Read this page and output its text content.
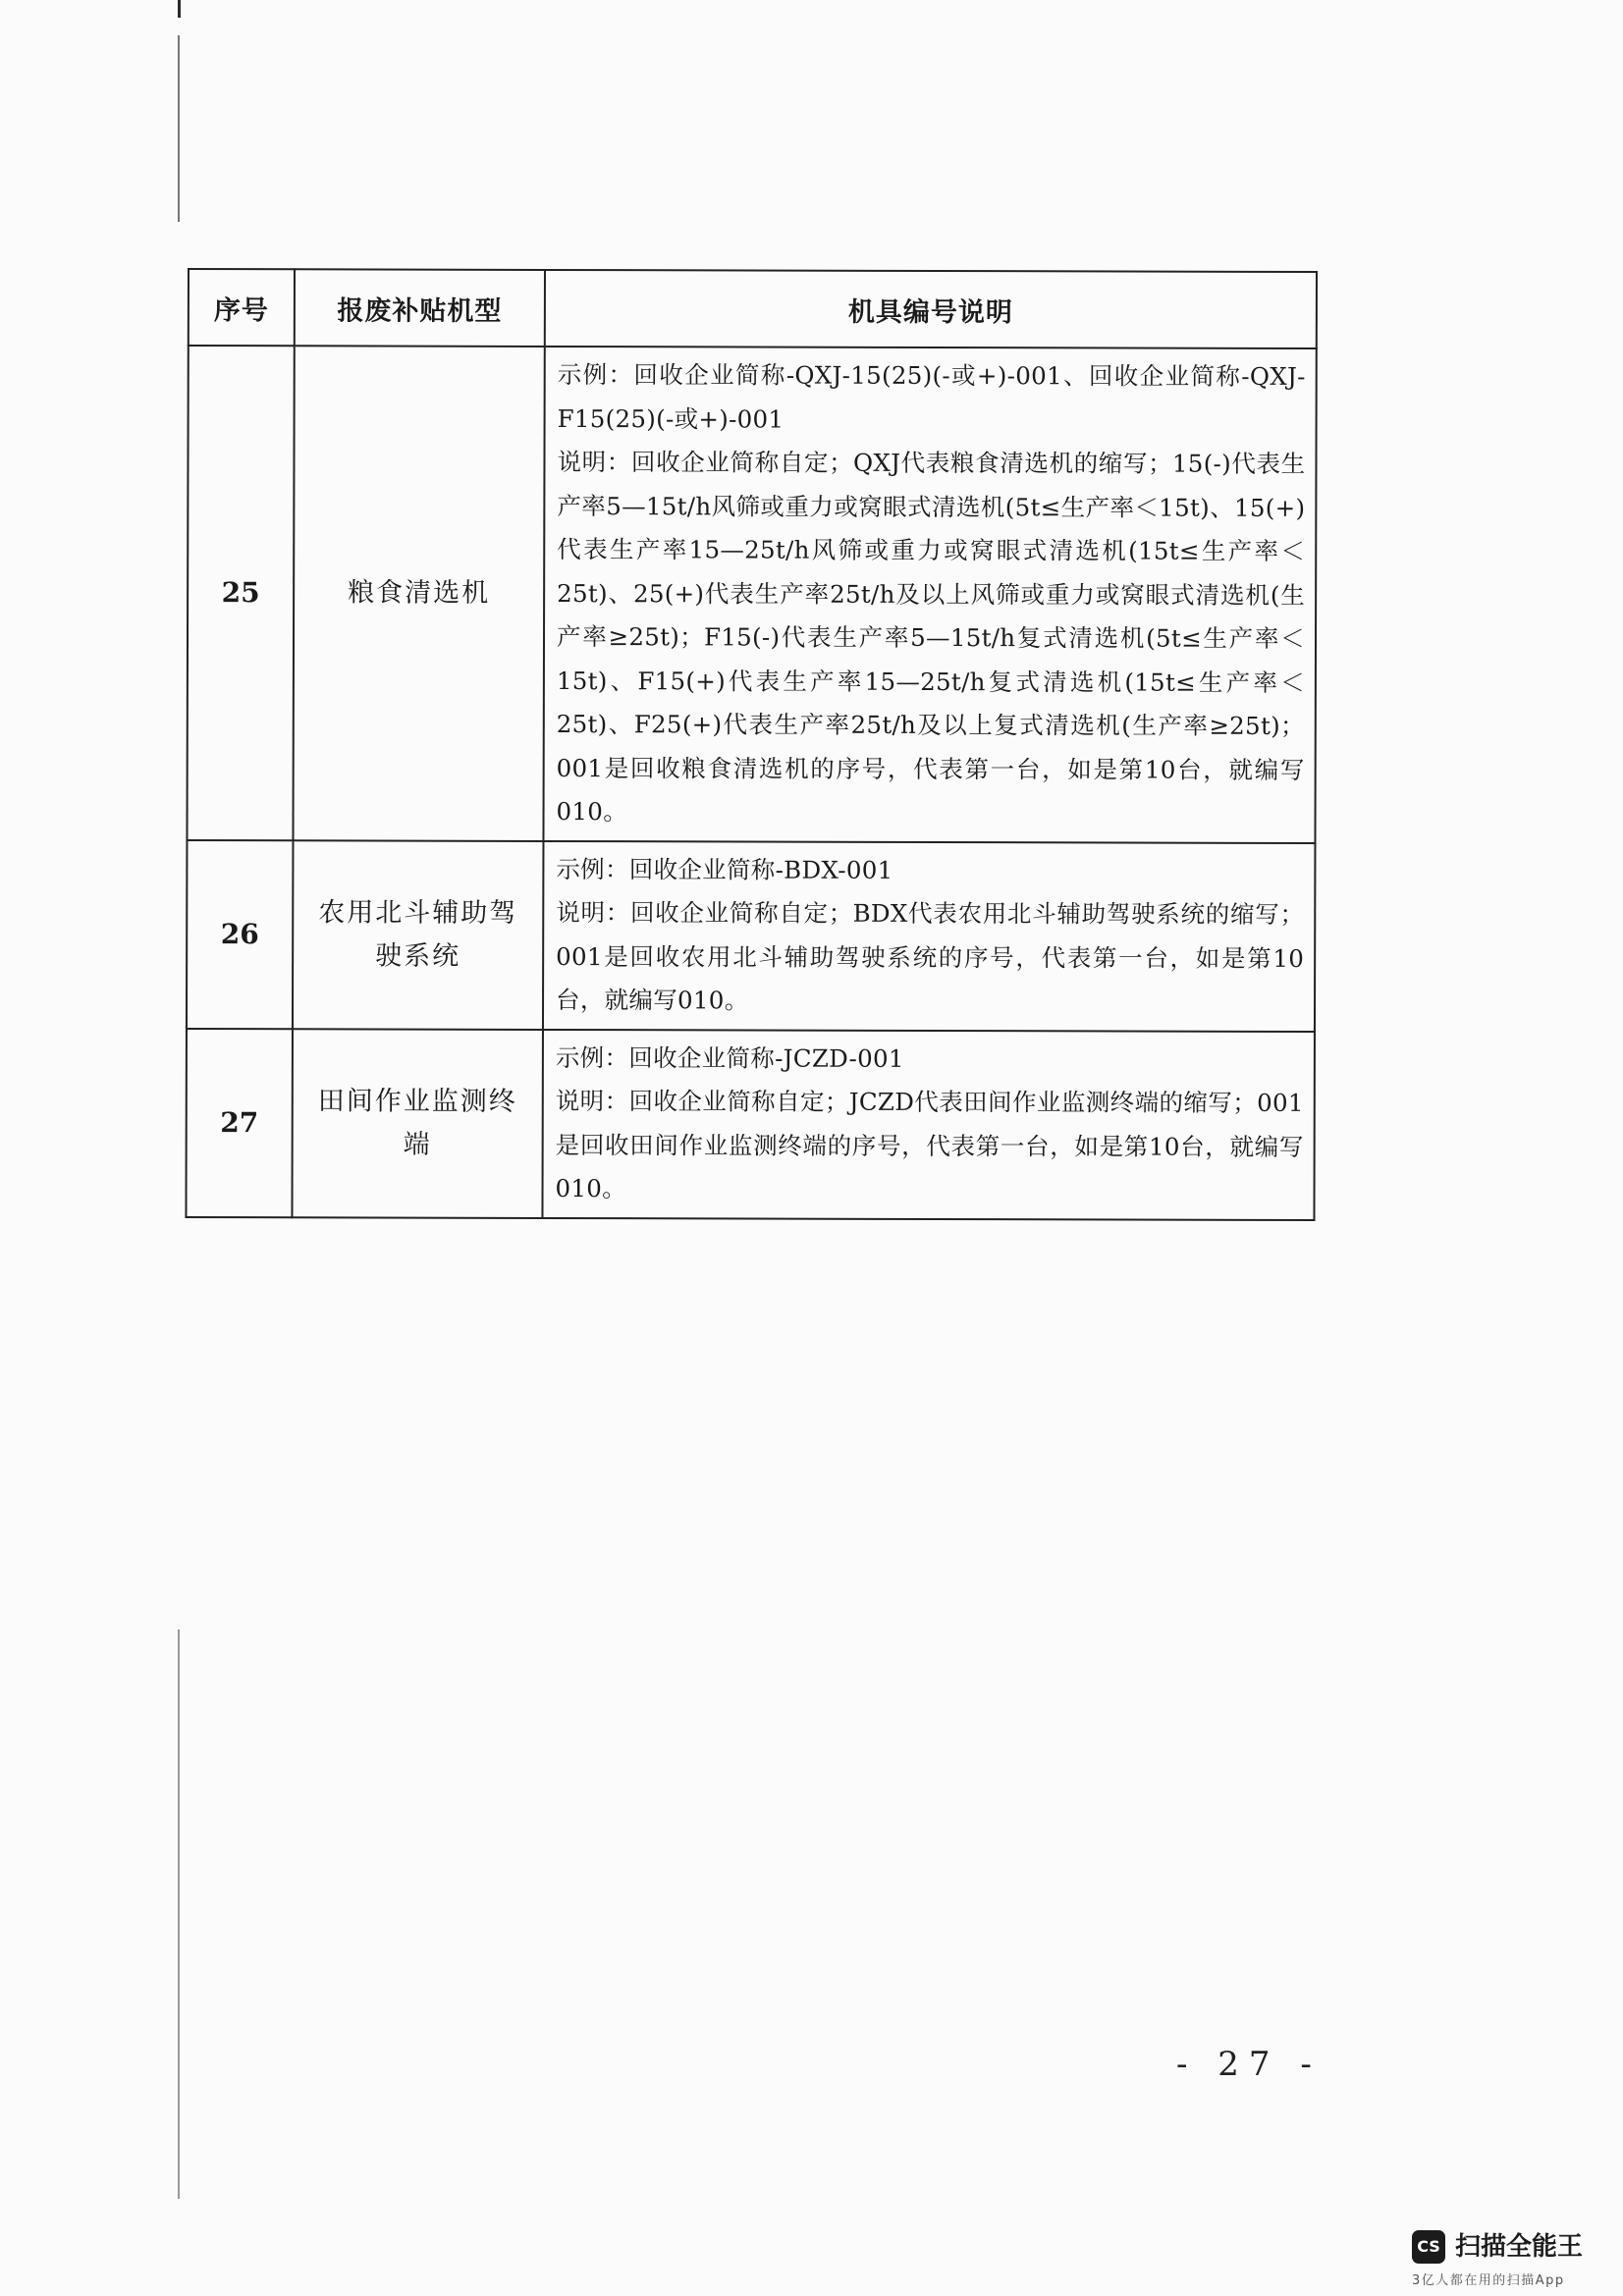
序号	报废补贴机型	机具编号说明
25	粮食清选机	示例：回收企业简称-QXJ-15(25)(-或+)-001、回收企业简称-QXJ-F15(25)(-或+)-001

说明：回收企业简称自定；QXJ代表粮食清选机的缩写；15(-)代表生产率5—15t/h风筛或重力或窝眼式清选机(5t≤生产率＜15t)、15(+)代表生产率15—25t/h风筛或重力或窝眼式清选机(15t≤生产率＜25t)、25(+)代表生产率25t/h及以上风筛或重力或窝眼式清选机(生产率≥25t)；F15(-)代表生产率5—15t/h复式清选机(5t≤生产率＜15t)、F15(+)代表生产率15—25t/h复式清选机(15t≤生产率＜25t)、F25(+)代表生产率25t/h及以上复式清选机(生产率≥25t)；001是回收粮食清选机的序号，代表第一台，如是第10台，就编写010。

26	农用北斗辅助驾驶系统	示例：回收企业简称-BDX-001

说明：回收企业简称自定；BDX代表农用北斗辅助驾驶系统的缩写；001是回收农用北斗辅助驾驶系统的序号，代表第一台，如是第10台，就编写010。

27	田间作业监测终端	示例：回收企业简称-JCZD-001

说明：回收企业简称自定；JCZD代表田间作业监测终端的缩写；001是回收田间作业监测终端的序号，代表第一台，如是第10台，就编写010。

- 27 -
CS 扫描全能王
3亿人都在用的扫描App
